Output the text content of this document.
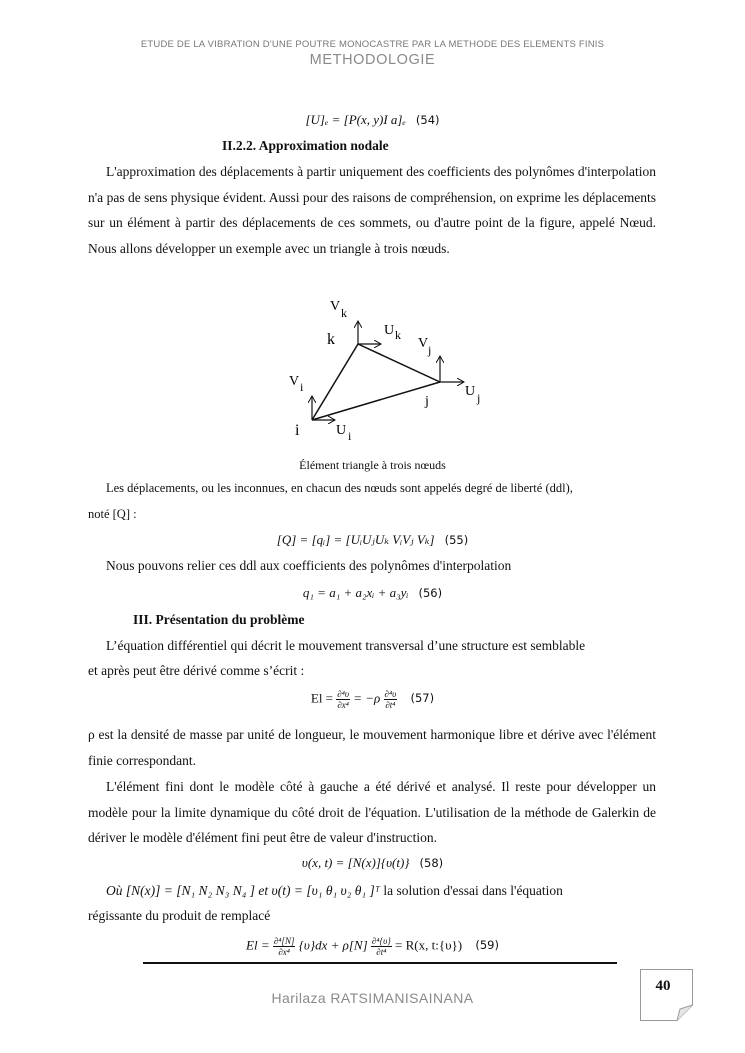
ETUDE DE LA VIBRATION D'UNE POUTRE MONOCASTRE PAR LA METHODE DES ELEMENTS FINIS
METHODOLOGIE
[U]ₑ = [P(x, y)I a]ₑ (54)
II.2.2. Approximation nodale
L'approximation des déplacements à partir uniquement des coefficients des polynômes d'interpolation n'a pas de sens physique évident. Aussi pour des raisons de compréhension, on exprime les déplacements sur un élément à partir des déplacements de ces sommets, ou d'autre point de la figure, appelé Nœud. Nous allons développer un exemple avec un triangle à trois nœuds.
V k
k
U k
V j
j
U j
V i
i	U i
Élément triangle à trois nœuds
Les déplacements, ou les inconnues, en chacun des nœuds sont appelés degré de liberté (ddl),
noté [Q] :
[Q] = [qᵢ] = [UᵢUⱼUₖ VᵢVⱼ Vₖ] (55)
Nous pouvons relier ces ddl aux coefficients des polynômes d'interpolation
q₁ = a₁ + a₂xᵢ + a₃yᵢ (56)
III. Présentation du problème
L’équation différentiel qui décrit le mouvement transversal d’une structure est semblable
et après peut être dérivé comme s’écrit :
$El = \frac{\text{∂⁴υ}}{\text{∂x⁴}} = -\rho \frac{\text{∂⁴υ}}{\text{∂t⁴}} (57)$
ρ est la densité de masse par unité de longueur, le mouvement harmonique libre et dérive avec l'élément finie correspondant.
L'élément fini dont le modèle côté à gauche a été dérivé et analysé. Il reste pour développer un modèle pour la limite dynamique du côté droit de l'équation. L'utilisation de la méthode de Galerkin de dériver le modèle d'élément fini peut être de valeur d'instruction.
υ(x, t) = [N(x)]{υ(t)} (58)
Où [N(x)] = [N₁ N₂ N₃ N₄ ] et υ(t) = [υ₁ θ₁ υ₂ θ₁ ]ᵀ la solution d'essai dans l'équation
régissante du produit de remplacé
$El = \frac{\text{∂⁴[N]}}{\text{∂x⁴}} \{\upsilon\}dx + \rho[N] \frac{\text{∂⁴\{υ\}}}{\text{∂t⁴}} = R(x$, t:{υ}) (59)
Harilaza RATSIMANISAINANA
40
